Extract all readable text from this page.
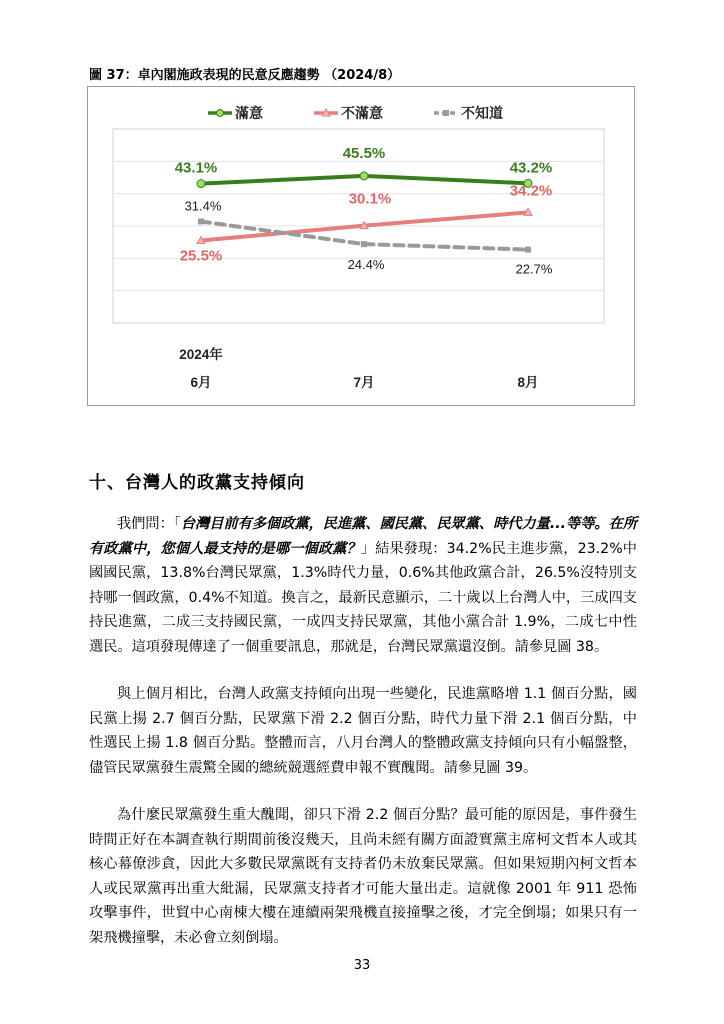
圖 37：卓內閣施政表現的民意反應趨勢 （2024/8）
滿意	不滿意	不知道
43.1%
45.5%
43.2%
25.5%
30.1%	34.2%
31.4%
24.4%	22.7%
2024年
6月	7月	8月
十、台灣人的政黨支持傾向

我們問：「台灣目前有多個政黨，民進黨、國民黨、民眾黨、時代力量...等等。在所有政黨中，您個人最支持的是哪一個政黨？」結果發現：34.2%民主進步黨，23.2%中國國民黨，13.8%台灣民眾黨，1.3%時代力量，0.6%其他政黨合計，26.5%沒特別支持哪一個政黨，0.4%不知道。換言之，最新民意顯示，二十歲以上台灣人中，三成四支持民進黨，二成三支持國民黨，一成四支持民眾黨，其他小黨合計 1.9%，二成七中性選民。這項發現傳達了一個重要訊息，那就是，台灣民眾黨還沒倒。請參見圖 38。

與上個月相比，台灣人政黨支持傾向出現一些變化，民進黨略增 1.1 個百分點，國民黨上揚 2.7 個百分點，民眾黨下滑 2.2 個百分點，時代力量下滑 2.1 個百分點，中性選民上揚 1.8 個百分點。整體而言，八月台灣人的整體政黨支持傾向只有小幅盤整，儘管民眾黨發生震驚全國的總統競選經費申報不實醜聞。請參見圖 39。

為什麼民眾黨發生重大醜聞，卻只下滑 2.2 個百分點？最可能的原因是，事件發生時間正好在本調查執行期間前後沒幾天，且尚未經有關方面證實黨主席柯文哲本人或其核心幕僚涉貪，因此大多數民眾黨既有支持者仍未放棄民眾黨。但如果短期內柯文哲本人或民眾黨再出重大紕漏，民眾黨支持者才可能大量出走。這就像 2001 年 911 恐怖攻擊事件，世貿中心南棟大樓在連續兩架飛機直接撞擊之後，才完全倒塌；如果只有一架飛機撞擊，未必會立刻倒塌。

33
